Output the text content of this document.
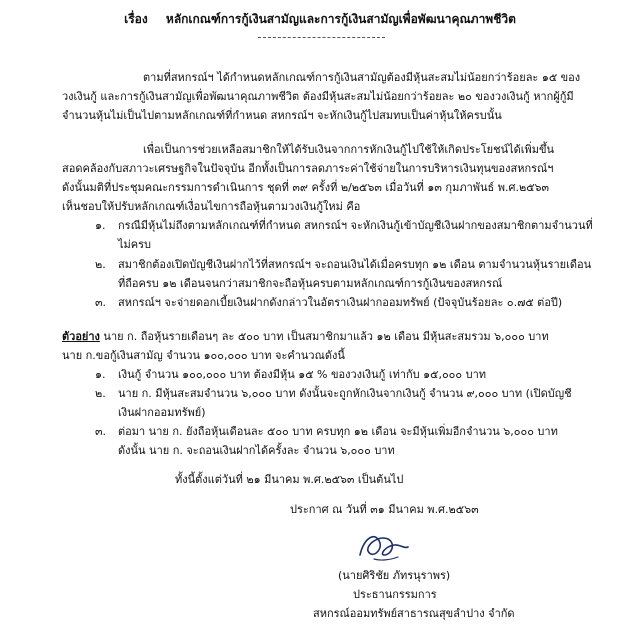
เรื่อง หลักเกณฑ์การกู้เงินสามัญและการกู้เงินสามัญเพื่อพัฒนาคุณภาพชีวิต
ตามที่สหกรณ์ฯ ได้กำหนดหลักเกณฑ์การกู้เงินสามัญต้องมีหุ้นสะสมไม่น้อยกว่าร้อยละ ๑๕ ของ
วงเงินกู้ และการกู้เงินสามัญเพื่อพัฒนาคุณภาพชีวิต ต้องมีหุ้นสะสมไม่น้อยกว่าร้อยละ ๒๐ ของวงเงินกู้ หากผู้กู้มี
จำนวนหุ้นไม่เป็นไปตามหลักเกณฑ์ที่กำหนด สหกรณ์ฯ จะหักเงินกู้ไปสมทบเป็นค่าหุ้นให้ครบนั้น
เพื่อเป็นการช่วยเหลือสมาชิกให้ได้รับเงินจากการหักเงินกู้ไปใช้ให้เกิดประโยชน์ได้เพิ่มขึ้น
สอดคล้องกับสภาวะเศรษฐกิจในปัจจุบัน อีกทั้งเป็นการลดภาระค่าใช้จ่ายในการบริหารเงินทุนของสหกรณ์ฯ
ดังนั้นมติที่ประชุมคณะกรรมการดำเนินการ ชุดที่ ๓๙ ครั้งที่ ๒/๒๕๖๓ เมื่อวันที่ ๑๓ กุมภาพันธ์ พ.ศ.๒๕๖๓
เห็นชอบให้ปรับหลักเกณฑ์เงื่อนไขการถือหุ้นตามวงเงินกู้ใหม่ คือ
๑. กรณีมีหุ้นไม่ถึงตามหลักเกณฑ์ที่กำหนด สหกรณ์ฯ จะหักเงินกู้เข้าบัญชีเงินฝากของสมาชิกตามจำนวนที่
ไม่ครบ
๒. สมาชิกต้องเปิดบัญชีเงินฝากไว้ที่สหกรณ์ฯ จะถอนเงินได้เมื่อครบทุก ๑๒ เดือน ตามจำนวนหุ้นรายเดือน
ที่ถือครบ ๑๒ เดือนจนกว่าสมาชิกจะถือหุ้นครบตามหลักเกณฑ์การกู้เงินของสหกรณ์
๓. สหกรณ์ฯ จะจ่ายดอกเบี้ยเงินฝากดังกล่าวในอัตราเงินฝากออมทรัพย์ (ปัจจุบันร้อยละ ๐.๗๕ ต่อปี)
ตัวอย่าง นาย ก. ถือหุ้นรายเดือนๆ ละ ๕๐๐ บาท เป็นสมาชิกมาแล้ว ๑๒ เดือน มีหุ้นสะสมรวม ๖,๐๐๐ บาท
นาย ก.ขอกู้เงินสามัญ จำนวน ๑๐๐,๐๐๐ บาท จะคำนวณดังนี้
๑. เงินกู้ จำนวน ๑๐๐,๐๐๐ บาท ต้องมีหุ้น ๑๕ % ของวงเงินกู้ เท่ากับ ๑๕,๐๐๐ บาท
๒. นาย ก. มีหุ้นสะสมจำนวน ๖,๐๐๐ บาท ดังนั้นจะถูกหักเงินจากเงินกู้ จำนวน ๙,๐๐๐ บาท (เปิดบัญชี
เงินฝากออมทรัพย์)
๓. ต่อมา นาย ก. ยังถือหุ้นเดือนละ ๕๐๐ บาท ครบทุก ๑๒ เดือน จะมีหุ้นเพิ่มอีกจำนวน ๖,๐๐๐ บาท
ดังนั้น นาย ก. จะถอนเงินฝากได้ครั้งละ จำนวน ๖,๐๐๐ บาท
ทั้งนี้ตั้งแต่วันที่ ๒๑ มีนาคม พ.ศ.๒๕๖๓ เป็นต้นไป
ประกาศ ณ วันที่ ๓๑ มีนาคม พ.ศ.๒๕๖๓
(นายศิริชัย ภัทรนุราพร)
ประธานกรรมการ
สหกรณ์ออมทรัพย์สาธารณสุขลำปาง จำกัด
